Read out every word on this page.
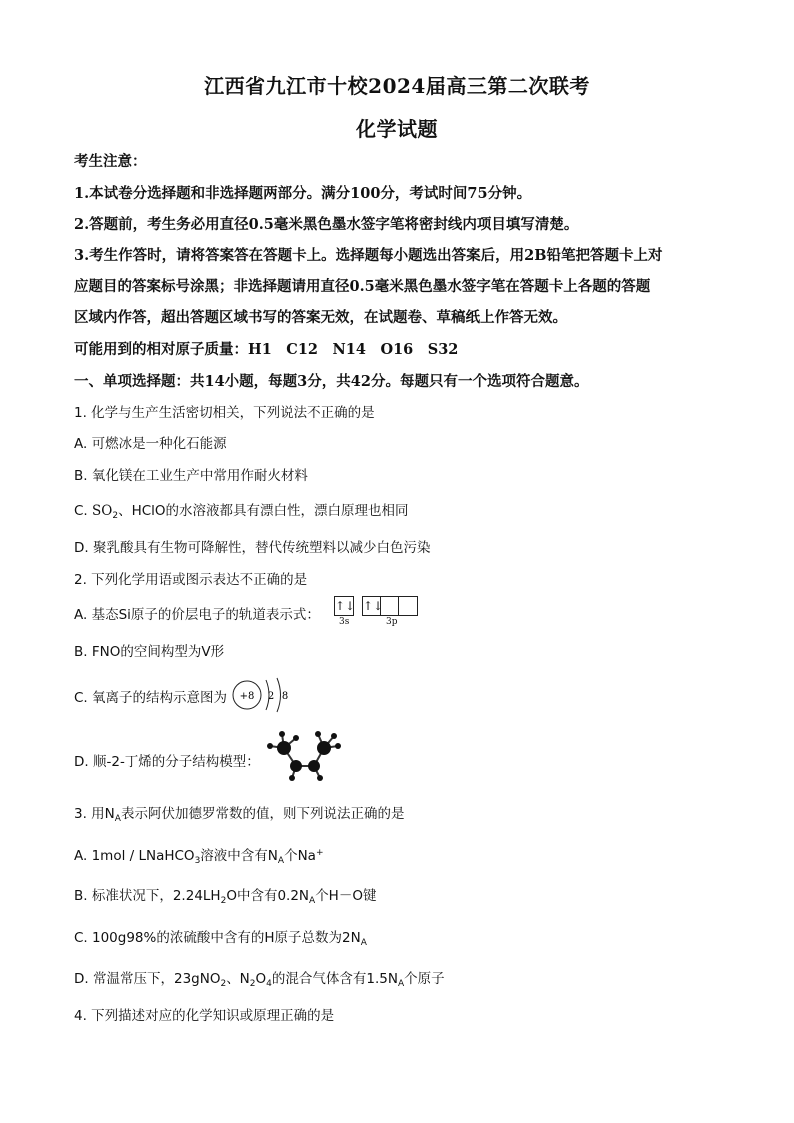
江西省九江市十校2024届高三第二次联考
化学试题
考生注意：
1.本试卷分选择题和非选择题两部分。满分100分，考试时间75分钟。
2.答题前，考生务必用直径0.5毫米黑色墨水签字笔将密封线内项目填写清楚。
3.考生作答时，请将答案答在答题卡上。选择题每小题选出答案后，用2B铅笔把答题卡上对
应题目的答案标号涂黑；非选择题请用直径0.5毫米黑色墨水签字笔在答题卡上各题的答题
区域内作答，超出答题区域书写的答案无效，在试题卷、草稿纸上作答无效。
可能用到的相对原子质量：H1　C12　N14　O16　S32
一、单项选择题：共14小题，每题3分，共42分。每题只有一个选项符合题意。
1. 化学与生产生活密切相关，下列说法不正确的是
A. 可燃冰是一种化石能源
B. 氧化镁在工业生产中常用作耐火材料
C. $SO_2$、HClO的水溶液都具有漂白性，漂白原理也相同
D. 聚乳酸具有生物可降解性，替代传统塑料以减少白色污染
2. 下列化学用语或图示表达不正确的是
A. 基态Si原子的价层电子的轨道表示式：
↑↓ ↑↓
3s	3p
B. FNO的空间构型为V形
C. 氧离子的结构示意图为 +8 2 8
D. 顺-2-丁烯的分子结构模型：
3. 用$N_A$表示阿伏加德罗常数的值，则下列说法正确的是
A. 1mol / LNaHCO$_3$溶液中含有$N_A$个Na+
B. 标准状况下，$2.24LH_2O$中含有$0.2N_A$个H－O键
C. 100g98%的浓硫酸中含有的H原子总数为$2N_A$
D. 常温常压下，23gNO$_2$、$N_2O_4$的混合气体含有$1.5N_A$个原子
4. 下列描述对应的化学知识或原理正确的是
